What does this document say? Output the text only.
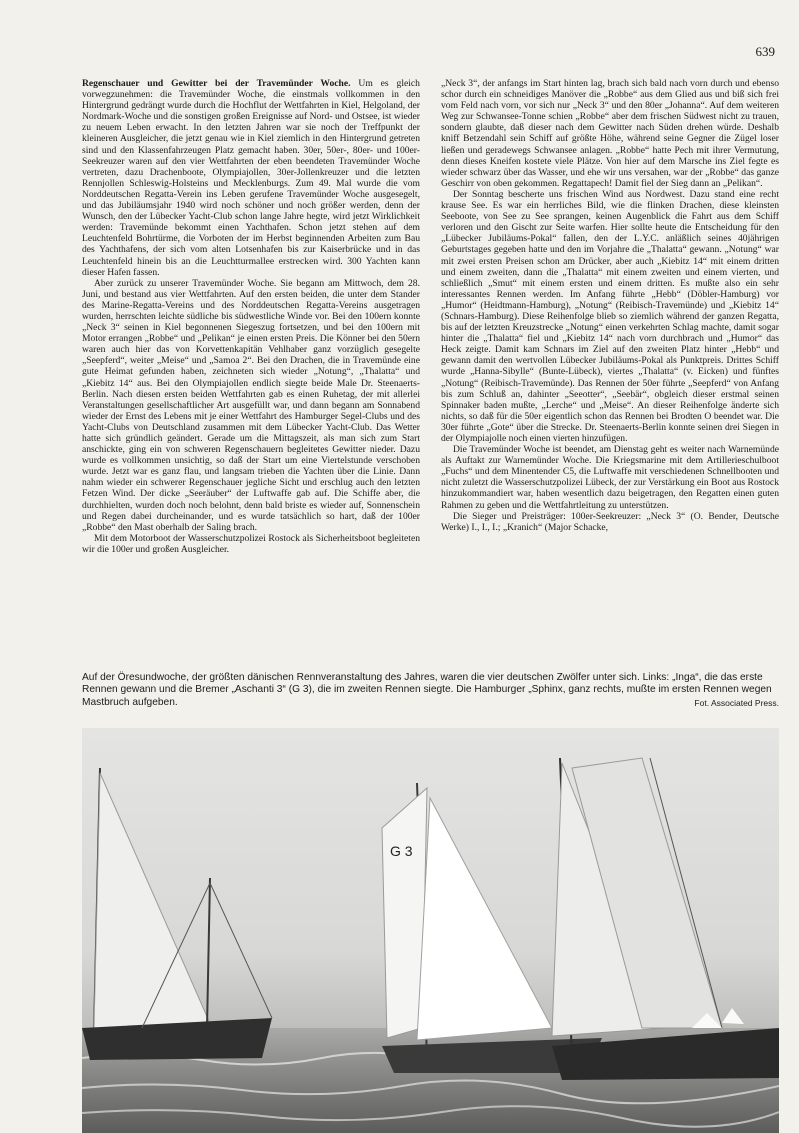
639

Regenschauer und Gewitter bei der Travemünder Woche. Um es gleich vorwegzunehmen: die Travemünder Woche, die einstmals vollkommen in den Hintergrund gedrängt wurde durch die Hochflut der Wettfahrten in Kiel, Helgoland, der Nordmark-Woche und die sonstigen großen Ereignisse auf Nord- und Ostsee, ist wieder zu neuem Leben erwacht. In den letzten Jahren war sie noch der Treffpunkt der kleineren Ausgleicher, die jetzt genau wie in Kiel ziemlich in den Hintergrund getreten sind und den Klassenfahrzeugen Platz gemacht haben. 30er, 50er-, 80er- und 100er-Seekreuzer waren auf den vier Wettfahrten der eben beendeten Travemünder Woche vertreten, dazu Drachenboote, Olympiajollen, 30er-Jollenkreuzer und die letzten Rennjollen Schleswig-Holsteins und Mecklenburgs. Zum 49. Mal wurde die vom Norddeutschen Regatta-Verein ins Leben gerufene Travemünder Woche ausgesegelt, und das Jubiläumsjahr 1940 wird noch schöner und noch größer werden, denn der Wunsch, den der Lübecker Yacht-Club schon lange Jahre hegte, wird jetzt Wirklichkeit werden: Travemünde bekommt einen Yachthafen. Schon jetzt stehen auf dem Leuchtenfeld Bohrtürme, die Vorboten der im Herbst beginnenden Arbeiten zum Bau des Yachthafens, der sich vom alten Lotsenhafen bis zur Kaiserbrücke und in das Leuchtenfeld hinein bis an die Leuchtturmallee erstrecken wird. 300 Yachten kann dieser Hafen fassen.

Aber zurück zu unserer Travemünder Woche. Sie begann am Mittwoch, dem 28. Juni, und bestand aus vier Wettfahrten. Auf den ersten beiden, die unter dem Stander des Marine-Regatta-Vereins und des Norddeutschen Regatta-Vereins ausgetragen wurden, herrschten leichte südliche bis südwestliche Winde vor. Bei den 100ern konnte „Neck 3“ seinen in Kiel begonnenen Siegeszug fortsetzen, und bei den 100ern mit Motor errangen „Robbe“ und „Pelikan“ je einen ersten Preis. Die Könner bei den 50ern waren auch hier das von Korvettenkapitän Vehlhaber ganz vorzüglich gesegelte „Seepferd“, weiter „Meise“ und „Samoa 2“. Bei den Drachen, die in Travemünde eine gute Heimat gefunden haben, zeichneten sich wieder „Notung“, „Thalatta“ und „Kiebitz 14“ aus. Bei den Olympiajollen endlich siegte beide Male Dr. Steenaerts-Berlin. Nach diesen ersten beiden Wettfahrten gab es einen Ruhetag, der mit allerlei Veranstaltungen gesellschaftlicher Art ausgefüllt war, und dann begann am Sonnabend wieder der Ernst des Lebens mit je einer Wettfahrt des Hamburger Segel-Clubs und des Yacht-Clubs von Deutschland zusammen mit dem Lübecker Yacht-Club. Das Wetter hatte sich gründlich geändert. Gerade um die Mittagszeit, als man sich zum Start anschickte, ging ein von schweren Regenschauern begleitetes Gewitter nieder. Dazu wurde es vollkommen unsichtig, so daß der Start um eine Viertelstunde verschoben wurde. Jetzt war es ganz flau, und langsam trieben die Yachten über die Linie. Dann nahm wieder ein schwerer Regenschauer jegliche Sicht und erschlug auch den letzten Fetzen Wind. Der dicke „Seeräuber“ der Luftwaffe gab auf. Die Schiffe aber, die durchhielten, wurden doch noch belohnt, denn bald briste es wieder auf, Sonnenschein und Regen dabei durcheinander, und es wurde tatsächlich so hart, daß der 100er „Robbe“ den Mast oberhalb der Saling brach.

Mit dem Motorboot der Wasserschutzpolizei Rostock als Sicherheitsboot begleiteten wir die 100er und großen Ausgleicher.

„Neck 3“, der anfangs im Start hinten lag, brach sich bald nach vorn durch und ebenso schor durch ein schneidiges Manöver die „Robbe“ aus dem Glied aus und biß sich frei vom Feld nach vorn, vor sich nur „Neck 3“ und den 80er „Johanna“. Auf dem weiteren Weg zur Schwansee-Tonne schien „Robbe“ aber dem frischen Südwest nicht zu trauen, sondern glaubte, daß dieser nach dem Gewitter nach Süden drehen würde. Deshalb kniff Betzendahl sein Schiff auf größte Höhe, während seine Gegner die Zügel loser ließen und geradewegs Schwansee anlagen. „Robbe“ hatte Pech mit ihrer Vermutung, denn dieses Kneifen kostete viele Plätze. Von hier auf dem Marsche ins Ziel fegte es wieder schwarz über das Wasser, und ehe wir uns versahen, war der „Robbe“ das ganze Geschirr von oben gekommen. Regattapech! Damit fiel der Sieg dann an „Pelikan“.

Der Sonntag bescherte uns frischen Wind aus Nordwest. Dazu stand eine recht krause See. Es war ein herrliches Bild, wie die flinken Drachen, diese kleinsten Seeboote, von See zu See sprangen, keinen Augenblick die Fahrt aus dem Schiff verloren und den Gischt zur Seite warfen. Hier sollte heute die Entscheidung für den „Lübecker Jubiläums-Pokal“ fallen, den der L.Y.C. anläßlich seines 40jährigen Geburtstages gegeben hatte und den im Vorjahre die „Thalatta“ gewann. „Notung“ war mit zwei ersten Preisen schon am Drücker, aber auch „Kiebitz 14“ mit einem dritten und einem zweiten, dann die „Thalatta“ mit einem zweiten und einem vierten, und schließlich „Smut“ mit einem ersten und einem dritten. Es mußte also ein sehr interessantes Rennen werden. Im Anfang führte „Hebb“ (Döbler-Hamburg) vor „Humor“ (Heidtmann-Hamburg), „Notung“ (Reibisch-Travemünde) und „Kiebitz 14“ (Schnars-Hamburg). Diese Reihenfolge blieb so ziemlich während der ganzen Regatta, bis auf der letzten Kreuzstrecke „Notung“ einen verkehrten Schlag machte, damit sogar hinter die „Thalatta“ fiel und „Kiebitz 14“ nach vorn durchbrach und „Humor“ das Heck zeigte. Damit kam Schnars im Ziel auf den zweiten Platz hinter „Hebb“ und gewann damit den wertvollen Lübecker Jubiläums-Pokal als Punktpreis. Drittes Schiff wurde „Hanna-Sibylle“ (Bunte-Lübeck), viertes „Thalatta“ (v. Eicken) und fünftes „Notung“ (Reibisch-Travemünde). Das Rennen der 50er führte „Seepferd“ von Anfang bis zum Schluß an, dahinter „Seeotter“, „Seebär“, obgleich dieser erstmal seinen Spinnaker baden mußte, „Lerche“ und „Meise“. An dieser Reihenfolge änderte sich nichts, so daß für die 50er eigentlich schon das Rennen bei Brodten O beendet war. Die 30er führte „Gote“ über die Strecke. Dr. Steenaerts-Berlin konnte seinen drei Siegen in der Olympiajolle noch einen vierten hinzufügen.

Die Travemünder Woche ist beendet, am Dienstag geht es weiter nach Warnemünde als Auftakt zur Warnemünder Woche. Die Kriegsmarine mit dem Artillerieschulboot „Fuchs“ und dem Minentender C5, die Luftwaffe mit verschiedenen Schnellbooten und nicht zuletzt die Wasserschutzpolizei Lübeck, der zur Verstärkung ein Boot aus Rostock hinzukommandiert war, haben wesentlich dazu beigetragen, den Regatten einen guten Rahmen zu geben und die Wettfahrtleitung zu unterstützen.

Die Sieger und Preisträger: 100er-Seekreuzer: „Neck 3“ (O. Bender, Deutsche Werke) I., I., I.; „Kranich“ (Major Schacke,

Auf der Öresundwoche, der größten dänischen Rennveranstaltung des Jahres, waren die vier deutschen Zwölfer unter sich. Links: „Inga“, die das erste Rennen gewann und die Bremer „Aschanti 3“ (G 3), die im zweiten Rennen siegte. Die Hamburger „Sphinx, ganz rechts, mußte im ersten Rennen wegen Mastbruch aufgeben.	Fot. Associated Press.
G 3
